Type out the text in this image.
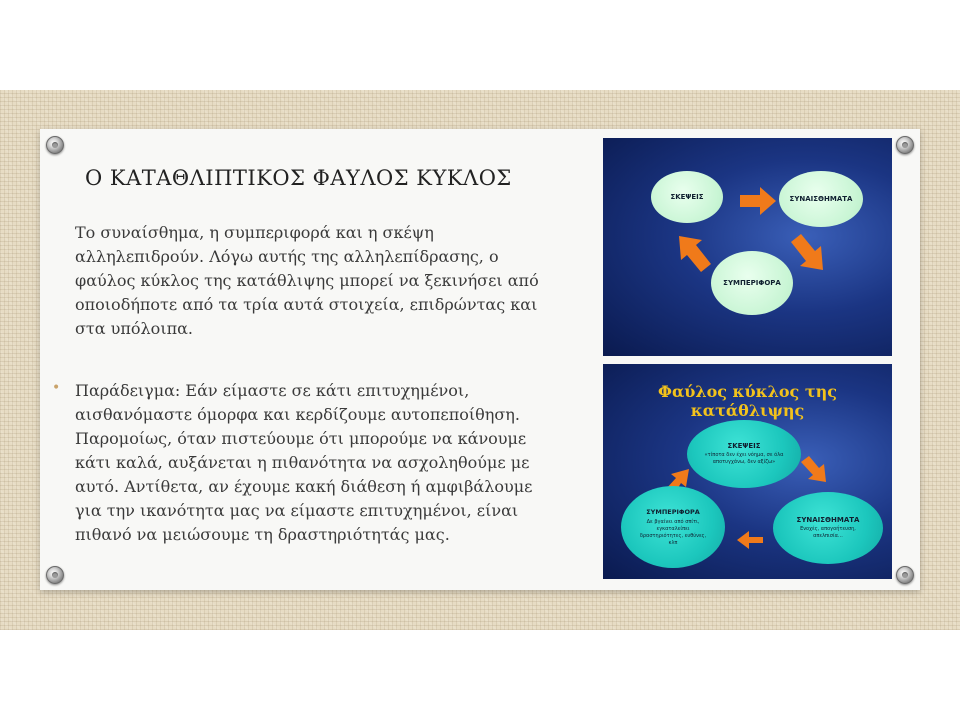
Ο ΚΑΤΑΘΛΙΠΤΙΚΟΣ ΦΑΥΛΟΣ ΚΥΚΛΟΣ
Το συναίσθημα, η συμπεριφορά και η σκέψη αλληλεπιδρούν. Λόγω αυτής της αλληλεπίδρασης, ο φαύλος κύκλος της κατάθλιψης μπορεί να ξεκινήσει από οποιοδήποτε από τα τρία αυτά στοιχεία, επιδρώντας και στα υπόλοιπα.
• Παράδειγμα: Εάν είμαστε σε κάτι επιτυχημένοι, αισθανόμαστε όμορφα και κερδίζουμε αυτοπεποίθηση. Παρομοίως, όταν πιστεύουμε ότι μπορούμε να κάνουμε κάτι καλά, αυξάνεται η πιθανότητα να ασχοληθούμε με αυτό. Αντίθετα, αν έχουμε κακή διάθεση ή αμφιβάλουμε για την ικανότητα μας να είμαστε επιτυχημένοι, είναι πιθανό να μειώσουμε τη δραστηριότητάς μας.
ΣΚΕΨΕΙΣ	ΣΥΝΑΙΣΘΗΜΑΤΑ
ΣΥΜΠΕΡΙΦΟΡΑ
Φαύλος κύκλος της κατάθλιψης
ΣΚΕΨΕΙΣ
«τίποτα δεν έχει νόημα, σε όλα αποτυγχάνω, δεν αξίζω»
ΣΥΝΑΙΣΘΗΜΑΤΑ
Ενοχές, απογοήτευση, απελπισία…
ΣΥΜΠΕΡΙΦΟΡΑ
Δε βγαίνει από σπίτι, εγκαταλείπει δραστηριότητες, ευθύνες, κλπ
